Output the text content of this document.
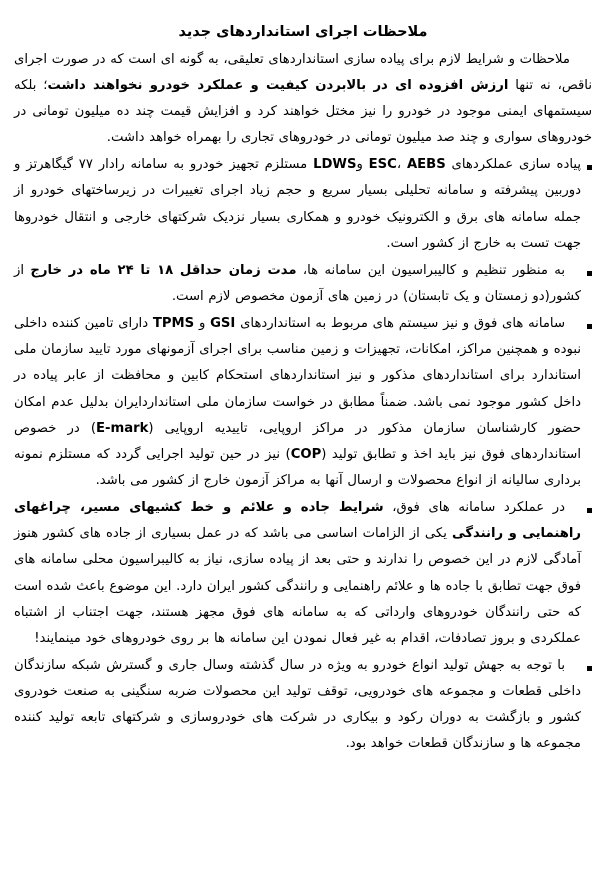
ملاحظات اجرای استانداردهای جدید

ملاحظات و شرایط لازم برای پیاده سازی استانداردهای تعلیقی، به گونه ای است که در صورت اجرای ناقص، نه تنها ارزش افزوده ای در بالابردن کیفیت و عملکرد خودرو نخواهند داشت؛ بلکه سیستمهای ایمنی موجود در خودرو را نیز مختل خواهند کرد و افزایش قیمت چند ده میلیون تومانی در خودروهای سواری و چند صد میلیون تومانی در خودروهای تجاری را بهمراه خواهد داشت.

پیاده سازی عملکردهای ESC، AEBS وLDWS مستلزم تجهیز خودرو به سامانه رادار ۷۷ گیگاهرتز و دوربین پیشرفته و سامانه تحلیلی بسیار سریع و حجم زیاد اجرای تغییرات در زیرساختهای خودرو از جمله سامانه های برق و الکترونیک خودرو و همکاری بسیار نزدیک شرکتهای خارجی و انتقال خودروها جهت تست به خارج از کشور است.
به منظور تنظیم و کالیبراسیون این سامانه ها، مدت زمان حداقل ۱۸ تا ۲۴ ماه در خارج از کشور(دو زمستان و یک تابستان) در زمین های آزمون مخصوص لازم است.
سامانه های فوق و نیز سیستم های مربوط به استانداردهای GSI و TPMS دارای تامین کننده داخلی نبوده و همچنین مراکز، امکانات، تجهیزات و زمین مناسب برای اجرای آزمونهای مورد تایید سازمان ملی استاندارد برای استانداردهای مذکور و نیز استانداردهای استحکام کابین و محافظت از عابر پیاده در داخل کشور موجود نمی باشد. ضمناً مطابق در خواست سازمان ملی استانداردایران بدلیل عدم امکان حضور کارشناسان سازمان مذکور در مراکز اروپایی، تاییدیه اروپایی (E-mark) در خصوص استانداردهای فوق نیز باید اخذ و تطابق تولید (COP) نیز در حین تولید اجرایی گردد که مستلزم نمونه برداری سالیانه از انواع محصولات و ارسال آنها به مراکز آزمون خارج از کشور می باشد.
در عملکرد سامانه های فوق، شرایط جاده و علائم و خط کشیهای مسیر، چراغهای راهنمایی و رانندگی یکی از الزامات اساسی می باشد که در عمل بسیاری از جاده های کشور هنوز آمادگی لازم در این خصوص را ندارند و حتی بعد از پیاده سازی، نیاز به کالیبراسیون محلی سامانه های فوق جهت تطابق با جاده ها و علائم راهنمایی و رانندگی کشور ایران دارد. این موضوع باعث شده است که حتی رانندگان خودروهای وارداتی که به سامانه های فوق مجهز هستند، جهت اجتناب از اشتباه عملکردی و بروز تصادفات، اقدام به غیر فعال نمودن این سامانه ها بر روی خودروهای خود مینمایند!
با توجه به جهش تولید انواع خودرو به ویژه در سال گذشته وسال جاری و گسترش شبکه سازندگان داخلی قطعات و مجموعه های خودرویی، توقف تولید این محصولات ضربه سنگینی به صنعت خودروی کشور و بازگشت به دوران رکود و بیکاری در شرکت های خودروسازی و شرکتهای تابعه تولید کننده مجموعه ها و سازندگان قطعات خواهد بود.
